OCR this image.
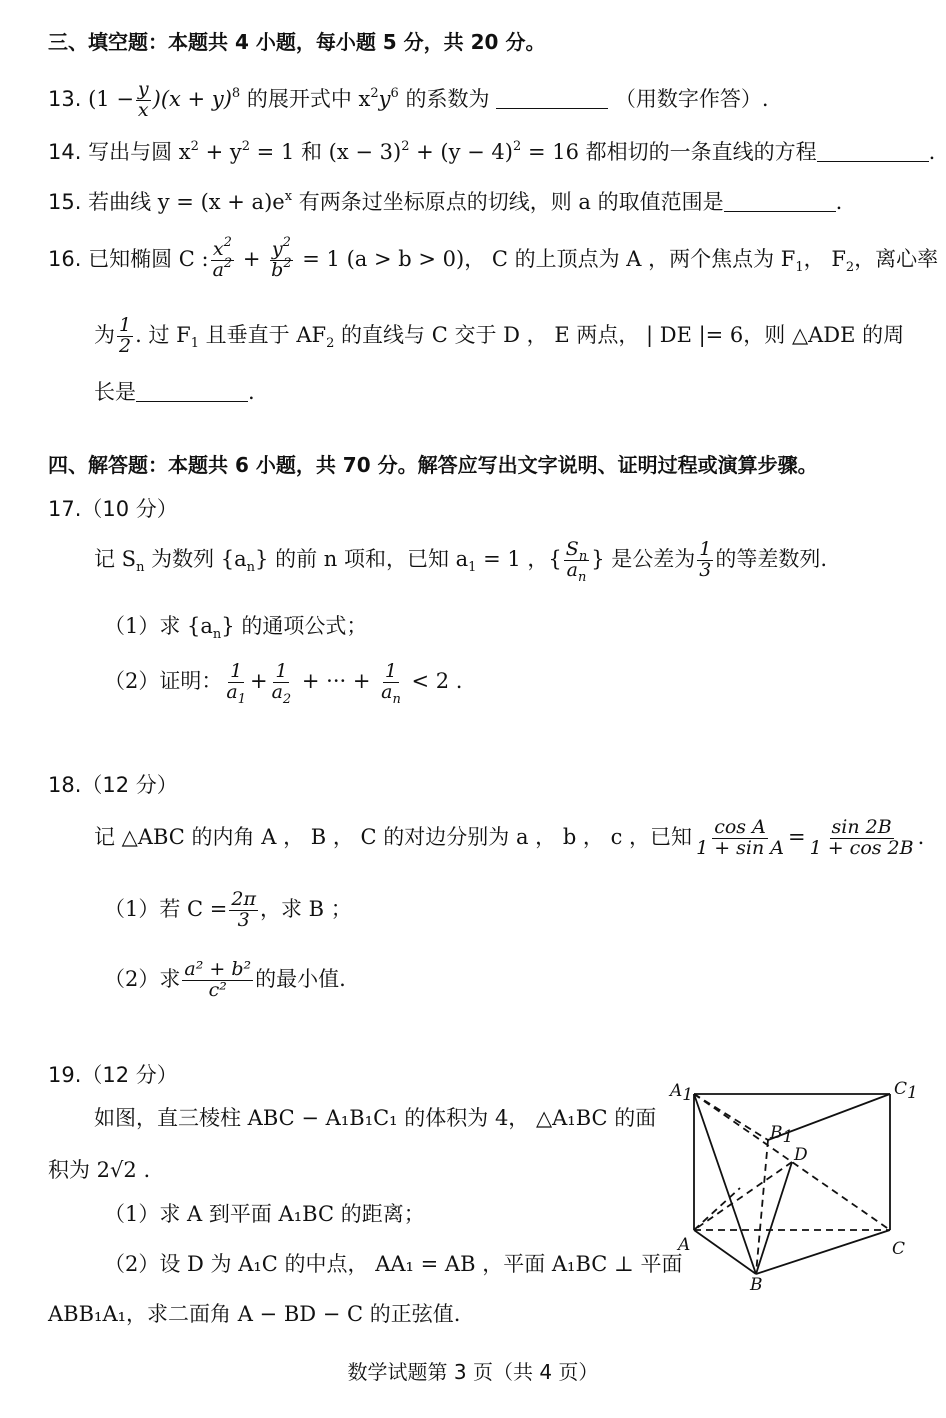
三、填空题：本题共 4 小题，每小题 5 分，共 20 分。
13. $(1 - \frac{y}{x} )(x + y)^8$ 的展开式中 $x^2y^6$ 的系数为	（用数字作答）.
14. 写出与圆 $x^2 + y^2 = 1$ 和 $(x - 3)^2 + (y - 4)^2 = 16$ 都相切的一条直线的方程	.
15. 若曲线 $y = (x + a)e^x$ 有两条过坐标原点的切线，则 a 的取值范围是	.
16. 已知椭圆 C : $\frac{x^2}{a^2} + \frac{y^2}{b^2} = 1$ (a > b > 0)， C 的上顶点为 A ，两个焦点为 $F_1$， $F_2$，离心率
为 $\frac{1}{2}$ . 过 $F_1$ 且垂直于 $AF_2$ 的直线与 C 交于 D ， E 两点， | DE |= 6，则 △ADE 的周
长是	.
四、解答题：本题共 6 小题，共 70 分。解答应写出文字说明、证明过程或演算步骤。
17.（10 分）
记 $S_n$ 为数列 $\{a_n\}$ 的前 n 项和，已知 $a_1 = 1$ ，{ $\frac{S_n}{a_n}$ } 是公差为 $\frac{1}{3}$ 的等差数列.
（1）求 $\{a_n\}$ 的通项公式；
（2）证明： $\frac{1}{a_1} + \frac{1}{a_2}$ + ··· + $\frac{1}{a_n} < 2$ .
18.（12 分）
记 △ABC 的内角 A ， B ， C 的对边分别为 a ， b ， c ，已知 $\frac{\text{cos A}}{\text{1 + sin A}} = \frac{\sin 2B}{1 + \cos 2B}$ .
（1）若 $C = \frac{2\pi}{3}$ ，求 B ；
（2）求 $\frac{\text{a² + b²}}{\text{c²}}$ 的最小值.
19.（12 分）
如图，直三棱柱 ABC − A₁B₁C₁ 的体积为 4， △A₁BC 的面
积为 2√2 .
（1）求 A 到平面 A₁BC 的距离；
（2）设 D 为 A₁C 的中点， AA₁ = AB ，平面 A₁BC ⊥ 平面
ABB₁A₁，求二面角 A − BD − C 的正弦值.
A1	C1
B1
D
A
B
C
数学试题第 3 页（共 4 页）
